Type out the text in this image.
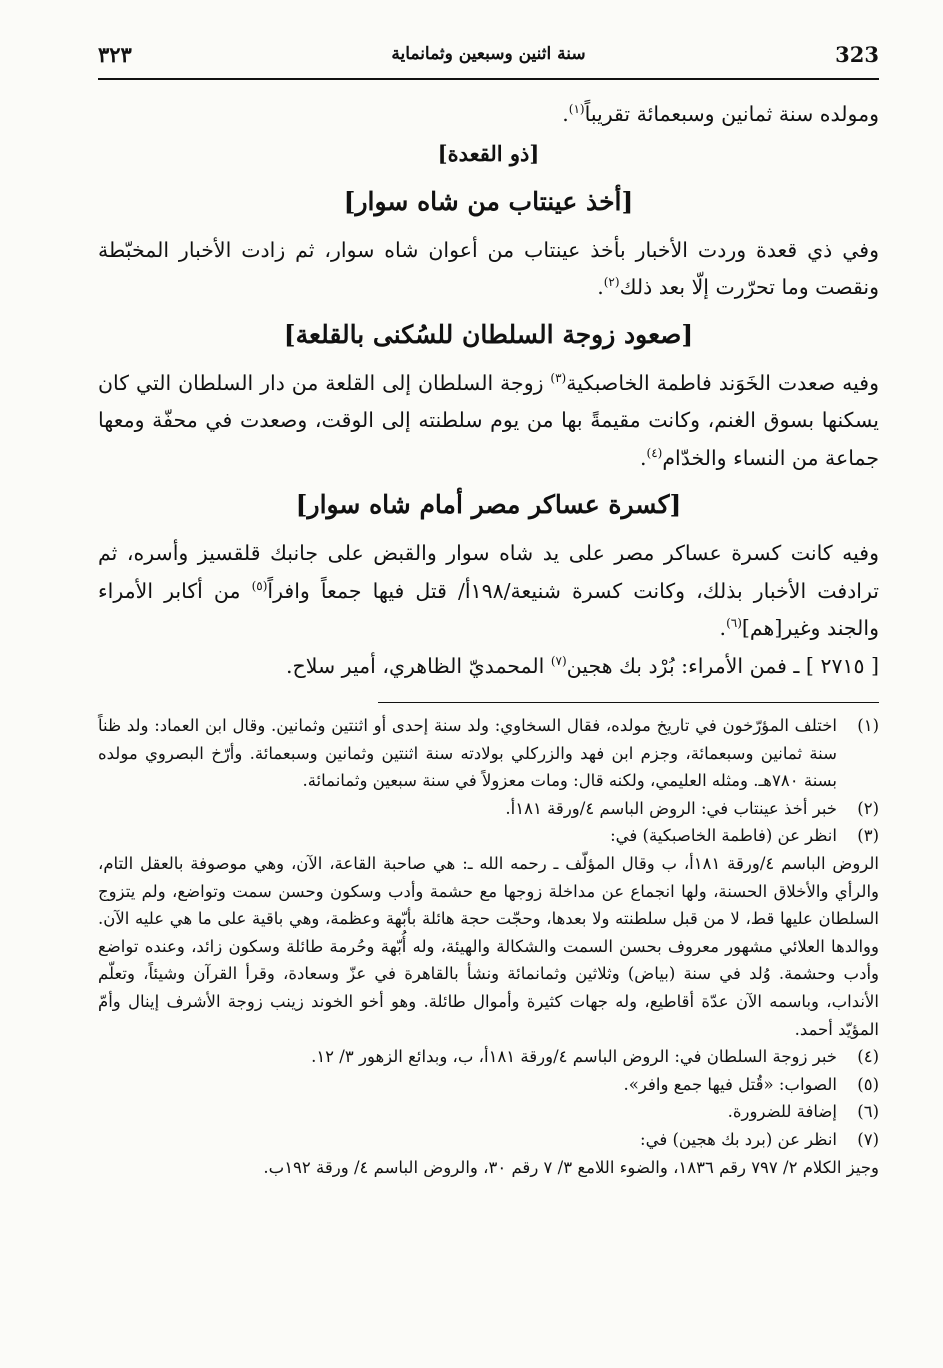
٣٢٣	سنة اثنين وسبعين وثمانماية	323

ومولده سنة ثمانين وسبعمائة تقريباً$^{(١)}$.

[ذو القعدة]
[أخذ عينتاب من شاه سوار]

وفي ذي قعدة وردت الأخبار بأخذ عينتاب من أعوان شاه سوار، ثم زادت الأخبار المخبّطة ونقصت وما تحرّرت إلّا بعد ذلك$^{(٢)}$.

[صعود زوجة السلطان للسُكنى بالقلعة]

وفيه صعدت الخَوَند فاطمة الخاصبكية$^{(٣)}$ زوجة السلطان إلى القلعة من دار السلطان التي كان يسكنها بسوق الغنم، وكانت مقيمةً بها من يوم سلطنته إلى الوقت، وصعدت في محفّة ومعها جماعة من النساء والخدّام$^{(٤)}$.

[كسرة عساكر مصر أمام شاه سوار]

وفيه كانت كسرة عساكر مصر على يد شاه سوار والقبض على جانبك قلقسيز وأسره، ثم ترادفت الأخبار بذلك، وكانت كسرة شنيعة/١٩٨أ/ قتل فيها جمعاً وافراً$^{(٥)}$ من أكابر الأمراء والجند وغير[هم]$^{(٦)}$.

[ ٢٧١٥ ] ـ فمن الأمراء: بُرْد بك هجين$^{(٧)}$ المحمديّ الظاهري، أمير سلاح.

(١)
اختلف المؤرّخون في تاريخ مولده، فقال السخاوي: ولد سنة إحدى أو اثنتين وثمانين. وقال ابن العماد: ولد ظناً سنة ثمانين وسبعمائة، وجزم ابن فهد والزركلي بولادته سنة اثنتين وثمانين وسبعمائة. وأرّخ البصروي مولده بسنة ٧٨٠هـ. ومثله العليمي، ولكنه قال: ومات معزولاً في سنة سبعين وثمانمائة.
(٢)
خبر أخذ عينتاب في: الروض الباسم ٤/ورقة ١٨١أ.
(٣)
انظر عن (فاطمة الخاصبكية) في:
الروض الباسم ٤/ورقة ١٨١أ، ب وقال المؤلّف ـ رحمه الله ـ: هي صاحبة القاعة، الآن، وهي موصوفة بالعقل التام، والرأي والأخلاق الحسنة، ولها انجماع عن مداخلة زوجها مع حشمة وأدب وسكون وحسن سمت وتواضع، ولم يتزوج السلطان عليها قط، لا من قبل سلطنته ولا بعدها، وحجّت حجة هائلة بأبّهة وعظمة، وهي باقية على ما هي عليه الآن. ووالدها العلائي مشهور معروف بحسن السمت والشكالة والهيئة، وله أُبّهة وحُرمة طائلة وسكون زائد، وعنده تواضع وأدب وحشمة. وُلد في سنة (بياض) وثلاثين وثمانمائة ونشأ بالقاهرة في عزّ وسعادة، وقرأ القرآن وشيئاً، وتعلّم الأنداب، وباسمه الآن عدّة أقاطيع، وله جهات كثيرة وأموال طائلة. وهو أخو الخوند زينب زوجة الأشرف إينال وأمّ المؤيّد أحمد.
(٤)
خبر زوجة السلطان في: الروض الباسم ٤/ورقة ١٨١أ، ب، وبدائع الزهور ٣/ ١٢.
(٥)
الصواب: «قُتل فيها جمع وافر».
(٦)
إضافة للضرورة.
(٧)
انظر عن (برد بك هجين) في:
وجيز الكلام ٢/ ٧٩٧ رقم ١٨٣٦، والضوء اللامع ٣/ ٧ رقم ٣٠، والروض الباسم ٤/ ورقة ١٩٢ب.
